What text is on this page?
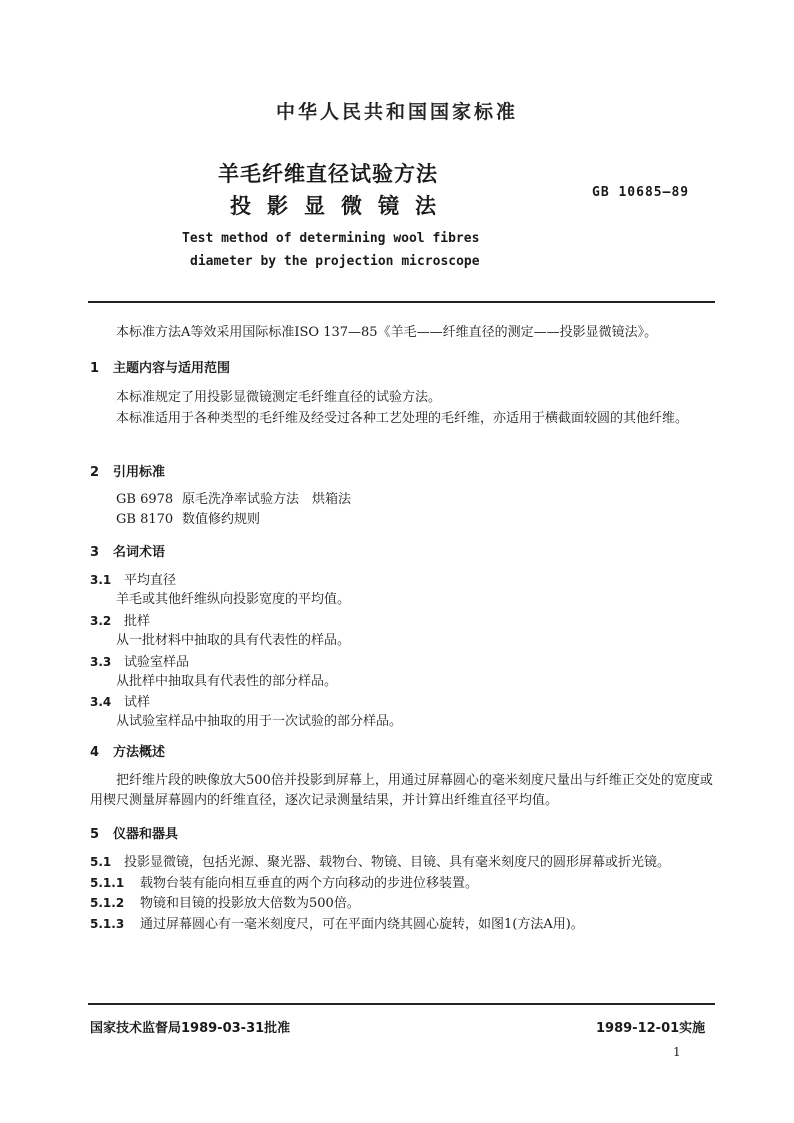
中华人民共和国国家标准
羊毛纤维直径试验方法
投影显微镜法
GB 10685—89
Test method of determining wool fibres
diameter by the projection microscope
本标准方法A等效采用国际标准ISO 137—85《羊毛——纤维直径的测定——投影显微镜法》。
1 主题内容与适用范围
本标准规定了用投影显微镜测定毛纤维直径的试验方法。
本标准适用于各种类型的毛纤维及经受过各种工艺处理的毛纤维，亦适用于横截面较圆的其他纤维。
2 引用标准
GB 6978 原毛洗净率试验方法　烘箱法
GB 8170 数值修约规则
3 名词术语
3.1 平均直径
羊毛或其他纤维纵向投影宽度的平均值。
3.2 批样
从一批材料中抽取的具有代表性的样品。
3.3 试验室样品
从批样中抽取具有代表性的部分样品。
3.4 试样
从试验室样品中抽取的用于一次试验的部分样品。
4 方法概述
把纤维片段的映像放大500倍并投影到屏幕上，用通过屏幕圆心的毫米刻度尺量出与纤维正交处的宽度或用楔尺测量屏幕圆内的纤维直径，逐次记录测量结果，并计算出纤维直径平均值。
5 仪器和器具
5.1 投影显微镜，包括光源、聚光器、载物台、物镜、目镜、具有毫米刻度尺的圆形屏幕或折光镜。
5.1.1 载物台装有能向相互垂直的两个方向移动的步进位移装置。
5.1.2 物镜和目镜的投影放大倍数为500倍。
5.1.3 通过屏幕圆心有一毫米刻度尺，可在平面内绕其圆心旋转，如图1(方法A用)。
国家技术监督局1989-03-31批准	1989-12-01实施
1
